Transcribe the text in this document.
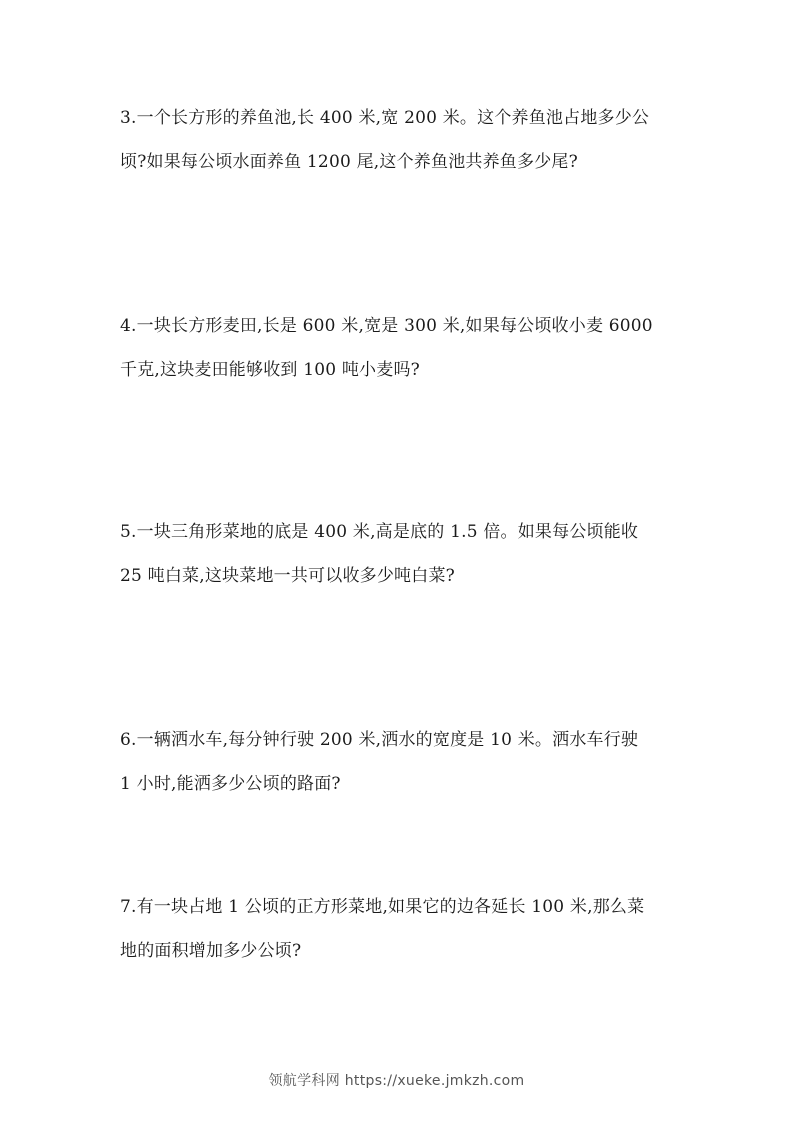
3.一个长方形的养鱼池,长 400 米,宽 200 米。这个养鱼池占地多少公
顷?如果每公顷水面养鱼 1200 尾,这个养鱼池共养鱼多少尾?
4.一块长方形麦田,长是 600 米,宽是 300 米,如果每公顷收小麦 6000
千克,这块麦田能够收到 100 吨小麦吗?
5.一块三角形菜地的底是 400 米,高是底的 1.5 倍。如果每公顷能收
25 吨白菜,这块菜地一共可以收多少吨白菜?
6.一辆洒水车,每分钟行驶 200 米,洒水的宽度是 10 米。洒水车行驶
1 小时,能洒多少公顷的路面?
7.有一块占地 1 公顷的正方形菜地,如果它的边各延长 100 米,那么菜
地的面积增加多少公顷?
领航学科网 https://xueke.jmkzh.com
